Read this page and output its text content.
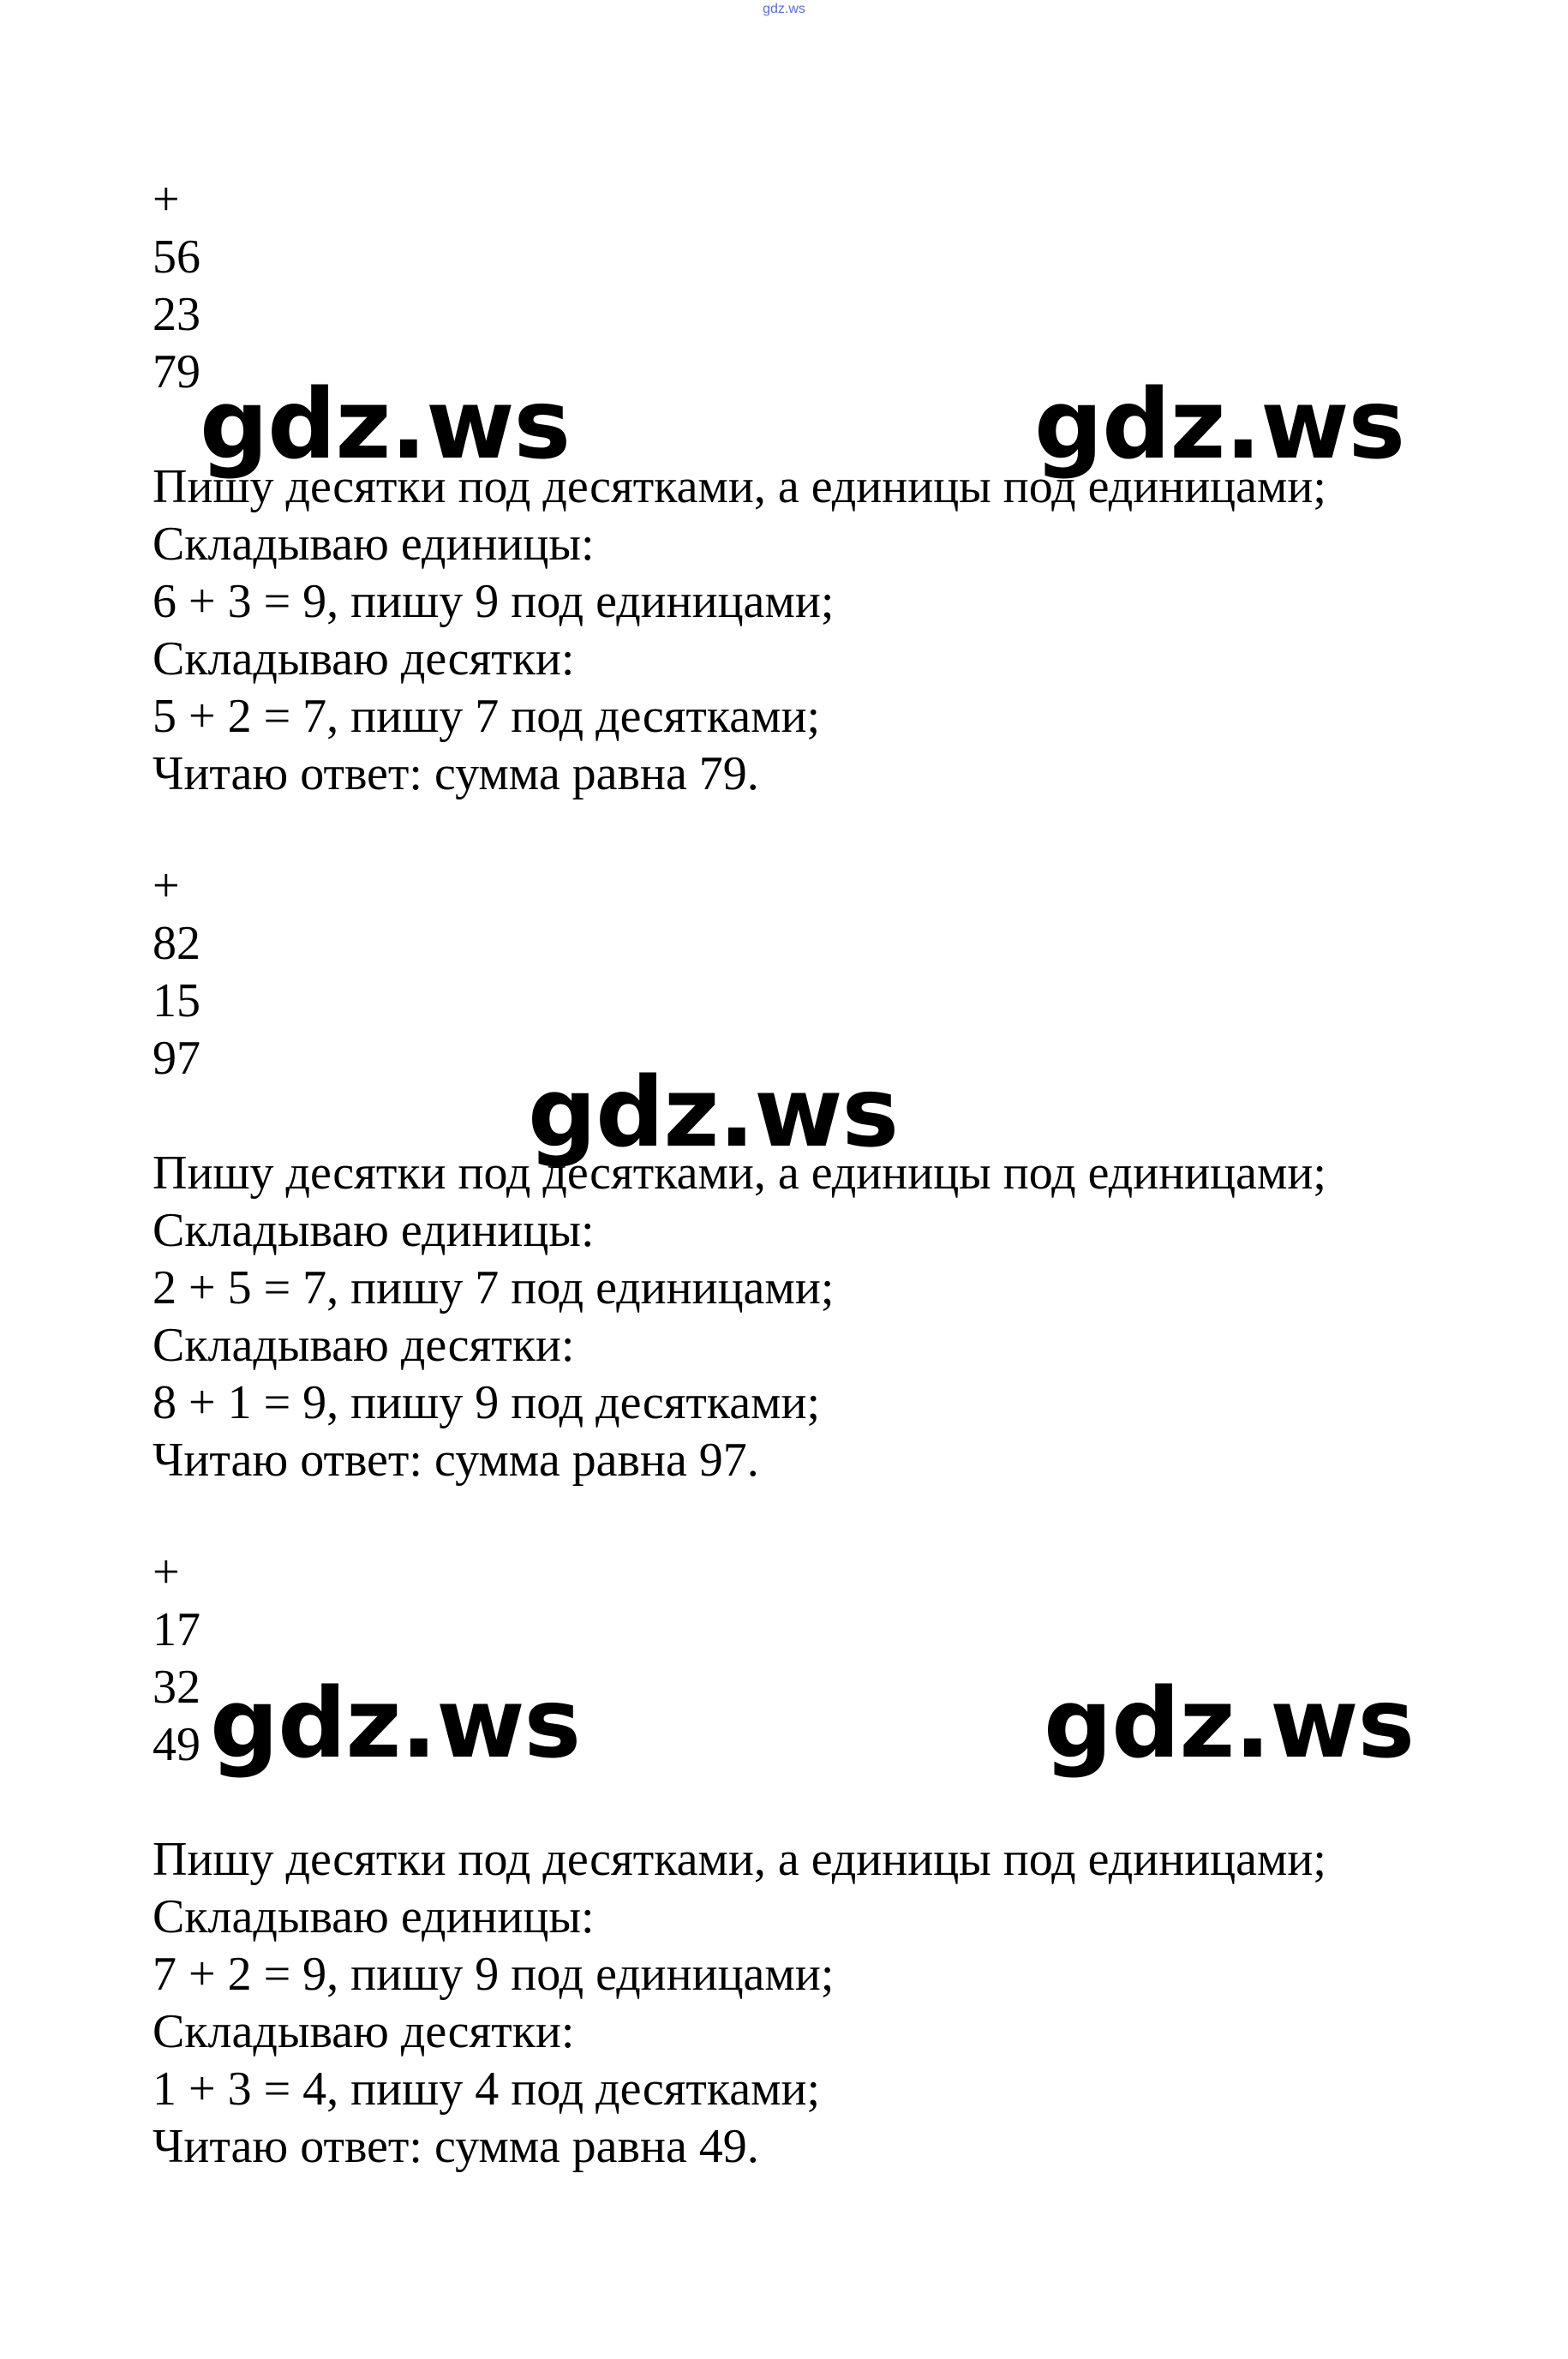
gdz.ws
+
56
23
79
Пишу десятки под десятками, а единицы под единицами;
Складываю единицы:
6 + 3 = 9, пишу 9 под единицами;
Складываю десятки:
5 + 2 = 7, пишу 7 под десятками;
Читаю ответ: сумма равна 79.
+
82
15
97
Пишу десятки под десятками, а единицы под единицами;
Складываю единицы:
2 + 5 = 7, пишу 7 под единицами;
Складываю десятки:
8 + 1 = 9, пишу 9 под десятками;
Читаю ответ: сумма равна 97.
+
17
32
49
Пишу десятки под десятками, а единицы под единицами;
Складываю единицы:
7 + 2 = 9, пишу 9 под единицами;
Складываю десятки:
1 + 3 = 4, пишу 4 под десятками;
Читаю ответ: сумма равна 49.
gdz.ws	gdz.ws
gdz.ws
gdz.ws	gdz.ws
